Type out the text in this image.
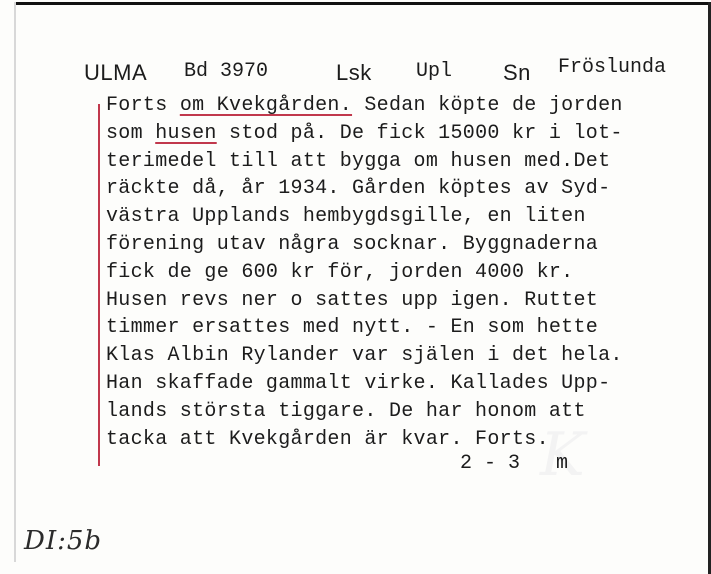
K
ULMA Bd 3970	Lsk Upl Sn Fröslunda
Forts om Kvekgården. Sedan köpte de jorden
som husen stod på. De fick 15000 kr i lot-
terimedel till att bygga om husen med.Det
räckte då, år 1934. Gården köptes av Syd-
västra Upplands hembygdsgille, en liten
förening utav några socknar. Byggnaderna
fick de ge 600 kr för, jorden 4000 kr.
Husen revs ner o sattes upp igen. Ruttet
timmer ersattes med nytt. - En som hette
Klas Albin Rylander var själen i det hela.
Han skaffade gammalt virke. Kallades Upp-
lands största tiggare. De har honom att
tacka att Kvekgården är kvar. Forts.
2 - 3   m
DI:5b
